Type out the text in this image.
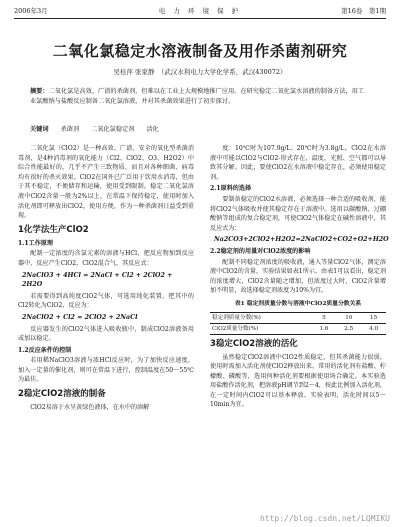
2006年3月	电 力 环 境 保 护	第16卷　第1期
二氧化氯稳定水溶液制备及用作杀菌剂研究
吴桂萍 张家静　（武汉水利电力大学化学系，武汉430072）
摘要：二氧化氯是高效、广谱的杀菌剂，但难以在工业上大规模地推广应用。在研究稳定二氧化氯水溶液的制备方法，用工业氯酸钠与盐酸反应制备二氧化氯溶液，并对其杀菌效果进行了初步探讨。
关键词 杀菌剂 二氧化氯稳定剂 活化

二氧化氯（ClO2）是一种高效、广谱、安全的氧化型杀菌消毒剂，是4种消毒剂的氧化能力（Cl2、ClO2、O3、H2O2）中综合性能最好的，几乎不产生三致物质，而且对各种细菌、病毒均有很好的杀灭效果。ClO2在国外已广泛用于饮用水消毒，但由于其不稳定，不便储存和运输，使用受到限制。稳定二氧化氯溶液中ClO2含量一般为2%以上，在常温下保持稳定，使用时加入活化剂即可释放出ClO2，使用方便，作为一种杀菌剂日益受到重视。

1化学法生产ClO2
1.1工作原理

配制一定浓度的含氯元素的溶液与HCl，把反应物加到反应器中，反应产生ClO2，ClO2混合气，其反应式：

2NaClO3 + 4HCl = 2NaCl + Cl2 + 2ClO2 + 2H2O

若需要得到高纯度ClO2气体，可选用纯化装置，把其中的Cl2转化为ClO2，反应为：

2NaClO2 + Cl2 = 2ClO2 + 2NaCl

反应器发生的ClO2气体进入吸收瓶中，制成ClO2溶液备用或加以稳定。

1.2反应条件的控制

若用稀NaClO3溶液与浓HCl反应时，为了加快反应速度，加入一定量的催化剂，则可在常温下进行，控制温度在50～55℃为最佳。

2稳定ClO2溶液的制备

ClO2易溶于水呈黄绿色液体，在水中的溶解

度：10℃时为107.9g/L；20℃时为3.8g/L。ClO2在水溶液中可能以ClO2与ClO2-形式存在，温度、光照、空气都可以导致其分解。因此，要使ClO2在水溶液中稳定存在，必须使用稳定剂。

2.1原料的选择

要制备稳定的ClO2水溶液，必须选择一种合适的吸收剂，能将ClO2气体吸收并使其稳定存在于溶液中。选用以碳酸钠、过硼酸钠等组成的复合稳定剂，可使ClO2气体稳定在碱性溶液中，其反应式为：

Na2CO3+2ClO2+H2O2=2NaClO2+CO2+O2+H2O
2.2稳定剂的用量对ClO2浓度的影响

配制不同稳定剂浓度的吸收液，通入等量ClO2气体，测定溶液中ClO2的含量，实验结果如表1所示。由表1可以看出，稳定剂的浓度增大，ClO2含量随之增加，但浓度过大时，ClO2含量增加不明显，故选择稳定剂浓度为10%为宜。

表1 稳定剂质量分数与溶液中ClO2质量分数关系
稳定剂质量分数(%)	5	10	15
ClO2质量分数(%)	1.6	2.5	4.0
3稳定ClO2溶液的活化

虽然稳定ClO2溶液中ClO2性质稳定，但其杀菌能力很弱，使用时需加入活化剂使ClO2释放出来。常用的活化剂有盐酸、柠檬酸、磷酸等，选用何种活化剂要根据使用场合确定。本实验选用盐酸作活化剂，把溶液pH调节到2～4，按此比例加入活化剂，在一定时间内ClO2可以基本释放。实验表明，活化时间以5～10min为宜。

http://blog.csdn.net/LQMIKU
